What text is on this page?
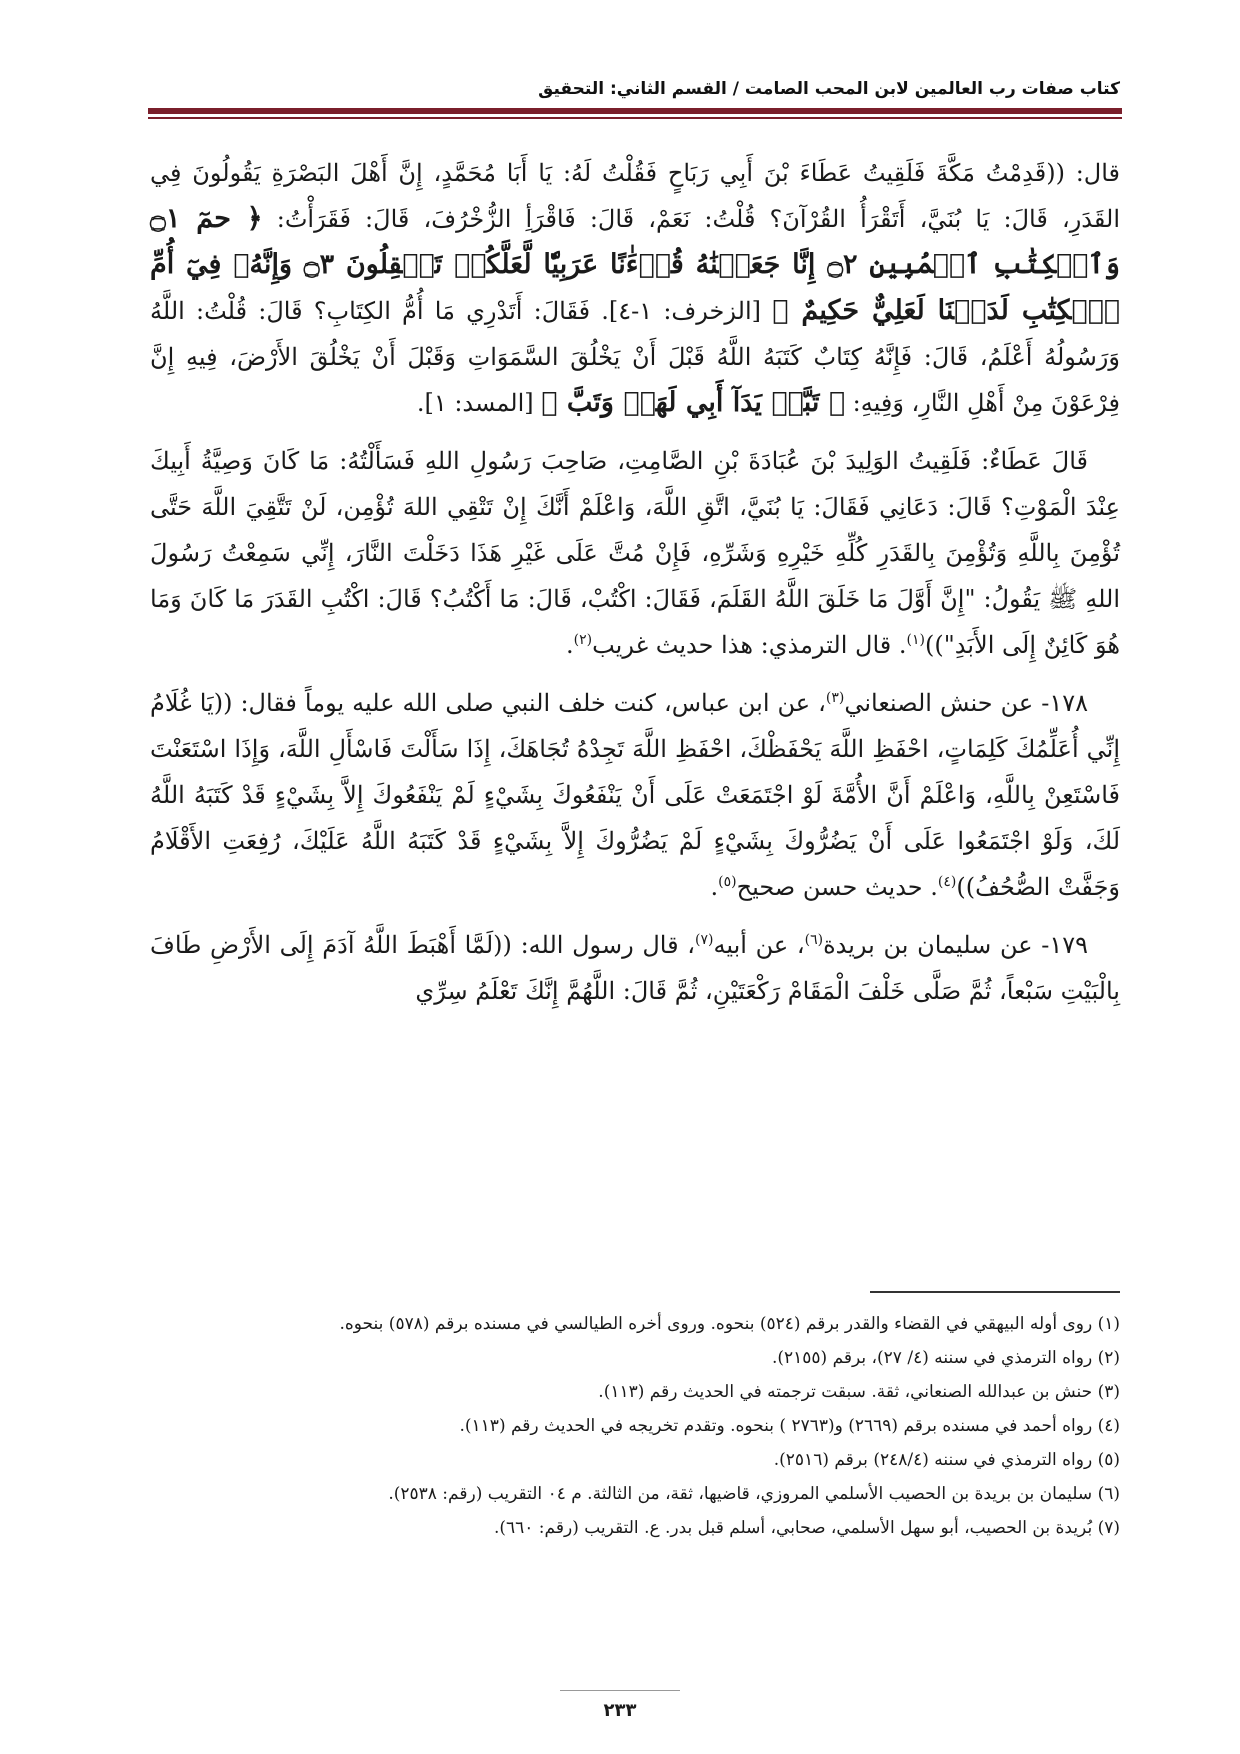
كتاب صفات رب العالمين لابن المحب الصامت / القسم الثاني: التحقيق

قال: ((قَدِمْتُ مَكَّةَ فَلَقِيتُ عَطَاءَ بْنَ أَبِي رَبَاحٍ فَقُلْتُ لَهُ: يَا أَبَا مُحَمَّدٍ، إِنَّ أَهْلَ البَصْرَةِ يَقُولُونَ فِي القَدَرِ، قَالَ: يَا بُنَيَّ، أَتَقْرَأُ القُرْآنَ؟ قُلْتُ: نَعَمْ، قَالَ: فَاقْرَأِ الزُّخْرُفَ، قَالَ: فَقَرَأْتُ: ﴿ حمٓ ۝١ وَٱلۡكِتَٰبِ ٱلۡمُبِينِ ۝٢ إِنَّا جَعَلۡنَٰهُ قُرۡءَٰنًا عَرَبِيّٗا لَّعَلَّكُمۡ تَعۡقِلُونَ ۝٣ وَإِنَّهُۥ فِيٓ أُمِّ ٱلۡكِتَٰبِ لَدَيۡنَا لَعَلِيٌّ حَكِيمٌ ﴾ [الزخرف: ١-٤]. فَقَالَ: أَتَدْرِي مَا أُمُّ الكِتَابِ؟ قَالَ: قُلْتُ: اللَّهُ وَرَسُولُهُ أَعْلَمُ، قَالَ: فَإِنَّهُ كِتَابٌ كَتَبَهُ اللَّهُ قَبْلَ أَنْ يَخْلُقَ السَّمَوَاتِ وَقَبْلَ أَنْ يَخْلُقَ الأَرْضَ، فِيهِ إِنَّ فِرْعَوْنَ مِنْ أَهْلِ النَّارِ، وَفِيهِ: ﴿ تَبَّتۡ يَدَآ أَبِي لَهَبٖ وَتَبَّ ﴾ [المسد: ١].

قَالَ عَطَاءٌ: فَلَقِيتُ الوَلِيدَ بْنَ عُبَادَةَ بْنِ الصَّامِتِ، صَاحِبَ رَسُولِ اللهِ فَسَأَلْتُهُ: مَا كَانَ وَصِيَّةُ أَبِيكَ عِنْدَ الْمَوْتِ؟ قَالَ: دَعَانِي فَقَالَ: يَا بُنَيَّ، اتَّقِ اللَّهَ، وَاعْلَمْ أَنَّكَ إِنْ تَتْقِي اللهَ تُؤْمِن، لَنْ تَتَّقِيَ اللَّهَ حَتَّى تُؤْمِنَ بِاللَّهِ وَتُؤْمِنَ بِالقَدَرِ كُلِّهِ خَيْرِهِ وَشَرِّهِ، فَإِنْ مُتَّ عَلَى غَيْرِ هَذَا دَخَلْتَ النَّارَ، إِنِّي سَمِعْتُ رَسُولَ اللهِ ﷺ يَقُولُ: "إِنَّ أَوَّلَ مَا خَلَقَ اللَّهُ القَلَمَ، فَقَالَ: اكْتُبْ، قَالَ: مَا أَكْتُبُ؟ قَالَ: اكْتُبِ القَدَرَ مَا كَانَ وَمَا هُوَ كَائِنٌ إِلَى الأَبَدِ"))$^{(١)}$. قال الترمذي: هذا حديث غريب$^{(٢)}$.

١٧٨- عن حنش الصنعاني$^{(٣)}$، عن ابن عباس، كنت خلف النبي صلى الله عليه يوماً فقال: ((يَا غُلَامُ إِنِّي أُعَلِّمُكَ كَلِمَاتٍ، احْفَظِ اللَّهَ يَحْفَظْكَ، احْفَظِ اللَّهَ تَجِدْهُ تُجَاهَكَ، إِذَا سَأَلْتَ فَاسْأَلِ اللَّهَ، وَإِذَا اسْتَعَنْتَ فَاسْتَعِنْ بِاللَّهِ، وَاعْلَمْ أَنَّ الأُمَّةَ لَوْ اجْتَمَعَتْ عَلَى أَنْ يَنْفَعُوكَ بِشَيْءٍ لَمْ يَنْفَعُوكَ إِلاَّ بِشَيْءٍ قَدْ كَتَبَهُ اللَّهُ لَكَ، وَلَوْ اجْتَمَعُوا عَلَى أَنْ يَضُرُّوكَ بِشَيْءٍ لَمْ يَضُرُّوكَ إِلاَّ بِشَيْءٍ قَدْ كَتَبَهُ اللَّهُ عَلَيْكَ، رُفِعَتِ الأَقْلَامُ وَجَفَّتْ الصُّحُفُ))$^{(٤)}$. حديث حسن صحيح$^{(٥)}$.

١٧٩- عن سليمان بن بريدة$^{(٦)}$، عن أبيه$^{(٧)}$، قال رسول الله: ((لَمَّا أَهْبَطَ اللَّهُ آدَمَ إِلَى الأَرْضِ طَافَ بِالْبَيْتِ سَبْعاً، ثُمَّ صَلَّى خَلْفَ الْمَقَامْ رَكْعَتَيْنِ، ثُمَّ قَالَ: اللَّهُمَّ إِنَّكَ تَعْلَمُ سِرِّي

(١) روى أوله البيهقي في القضاء والقدر برقم (٥٢٤) بنحوه. وروى أخره الطيالسي في مسنده برقم (٥٧٨) بنحوه.

(٢) رواه الترمذي في سننه (٤/ ٢٧)، برقم (٢١٥٥).

(٣) حنش بن عبدالله الصنعاني، ثقة. سبقت ترجمته في الحديث رقم (١١٣).

(٤) رواه أحمد في مسنده برقم (٢٦٦٩) و(٢٧٦٣ ) بنحوه. وتقدم تخريجه في الحديث رقم (١١٣).

(٥) رواه الترمذي في سننه (٢٤٨/٤) برقم (٢٥١٦).

(٦) سليمان بن بريدة بن الحصيب الأسلمي المروزي، قاضيها، ثقة، من الثالثة. م ٠٤ التقريب (رقم: ٢٥٣٨).

(٧) بُريدة بن الحصيب، أبو سهل الأسلمي، صحابي، أسلم قبل بدر. ع. التقريب (رقم: ٦٦٠).

٢٣٣
